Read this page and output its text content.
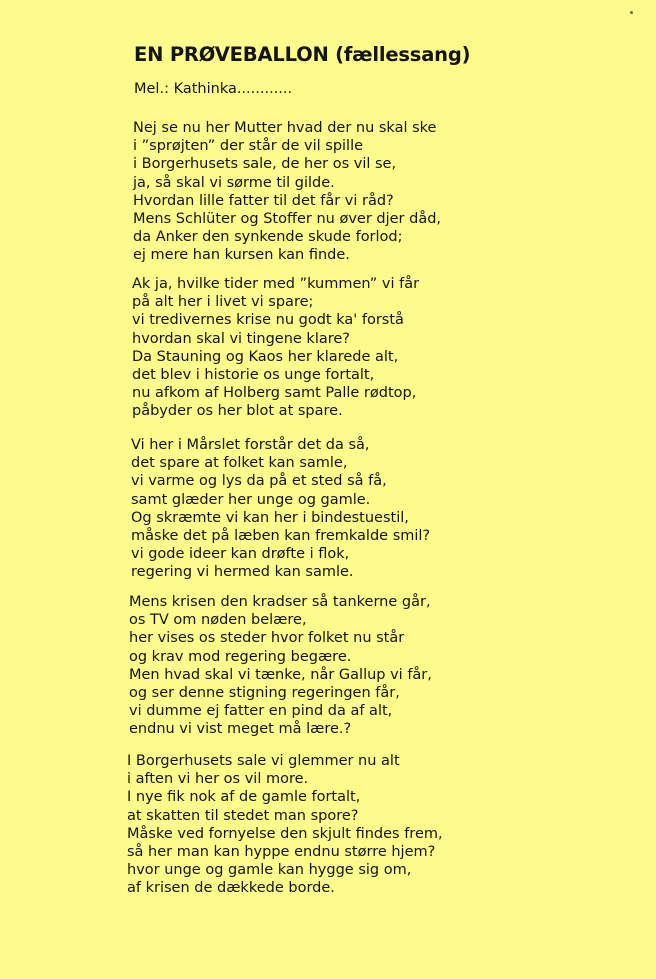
EN PRØVEBALLON (fællessang)
Mel.: Kathinka............
Nej se nu her Mutter hvad der nu skal ske
i ”sprøjten” der står de vil spille
i Borgerhusets sale, de her os vil se,
ja, så skal vi sørme til gilde.
Hvordan lille fatter til det får vi råd?
Mens Schlüter og Stoffer nu øver djer dåd,
da Anker den synkende skude forlod;
ej mere han kursen kan finde.
Ak ja, hvilke tider med ”kummen” vi får
på alt her i livet vi spare;
vi tredivernes krise nu godt ka' forstå
hvordan skal vi tingene klare?
Da Stauning og Kaos her klarede alt,
det blev i historie os unge fortalt,
nu afkom af Holberg samt Palle rødtop,
påbyder os her blot at spare.
Vi her i Mårslet forstår det da så,
det spare at folket kan samle,
vi varme og lys da på et sted så få,
samt glæder her unge og gamle.
Og skræmte vi kan her i bindestuestil,
måske det på læben kan fremkalde smil?
vi gode ideer kan drøfte i flok,
regering vi hermed kan samle.
Mens krisen den kradser så tankerne går,
os TV om nøden belære,
her vises os steder hvor folket nu står
og krav mod regering begære.
Men hvad skal vi tænke, når Gallup vi får,
og ser denne stigning regeringen får,
vi dumme ej fatter en pind da af alt,
endnu vi vist meget må lære.?
I Borgerhusets sale vi glemmer nu alt
i aften vi her os vil more.
I nye fik nok af de gamle fortalt,
at skatten til stedet man spore?
Måske ved fornyelse den skjult findes frem,
så her man kan hyppe endnu større hjem?
hvor unge og gamle kan hygge sig om,
af krisen de dækkede borde.
